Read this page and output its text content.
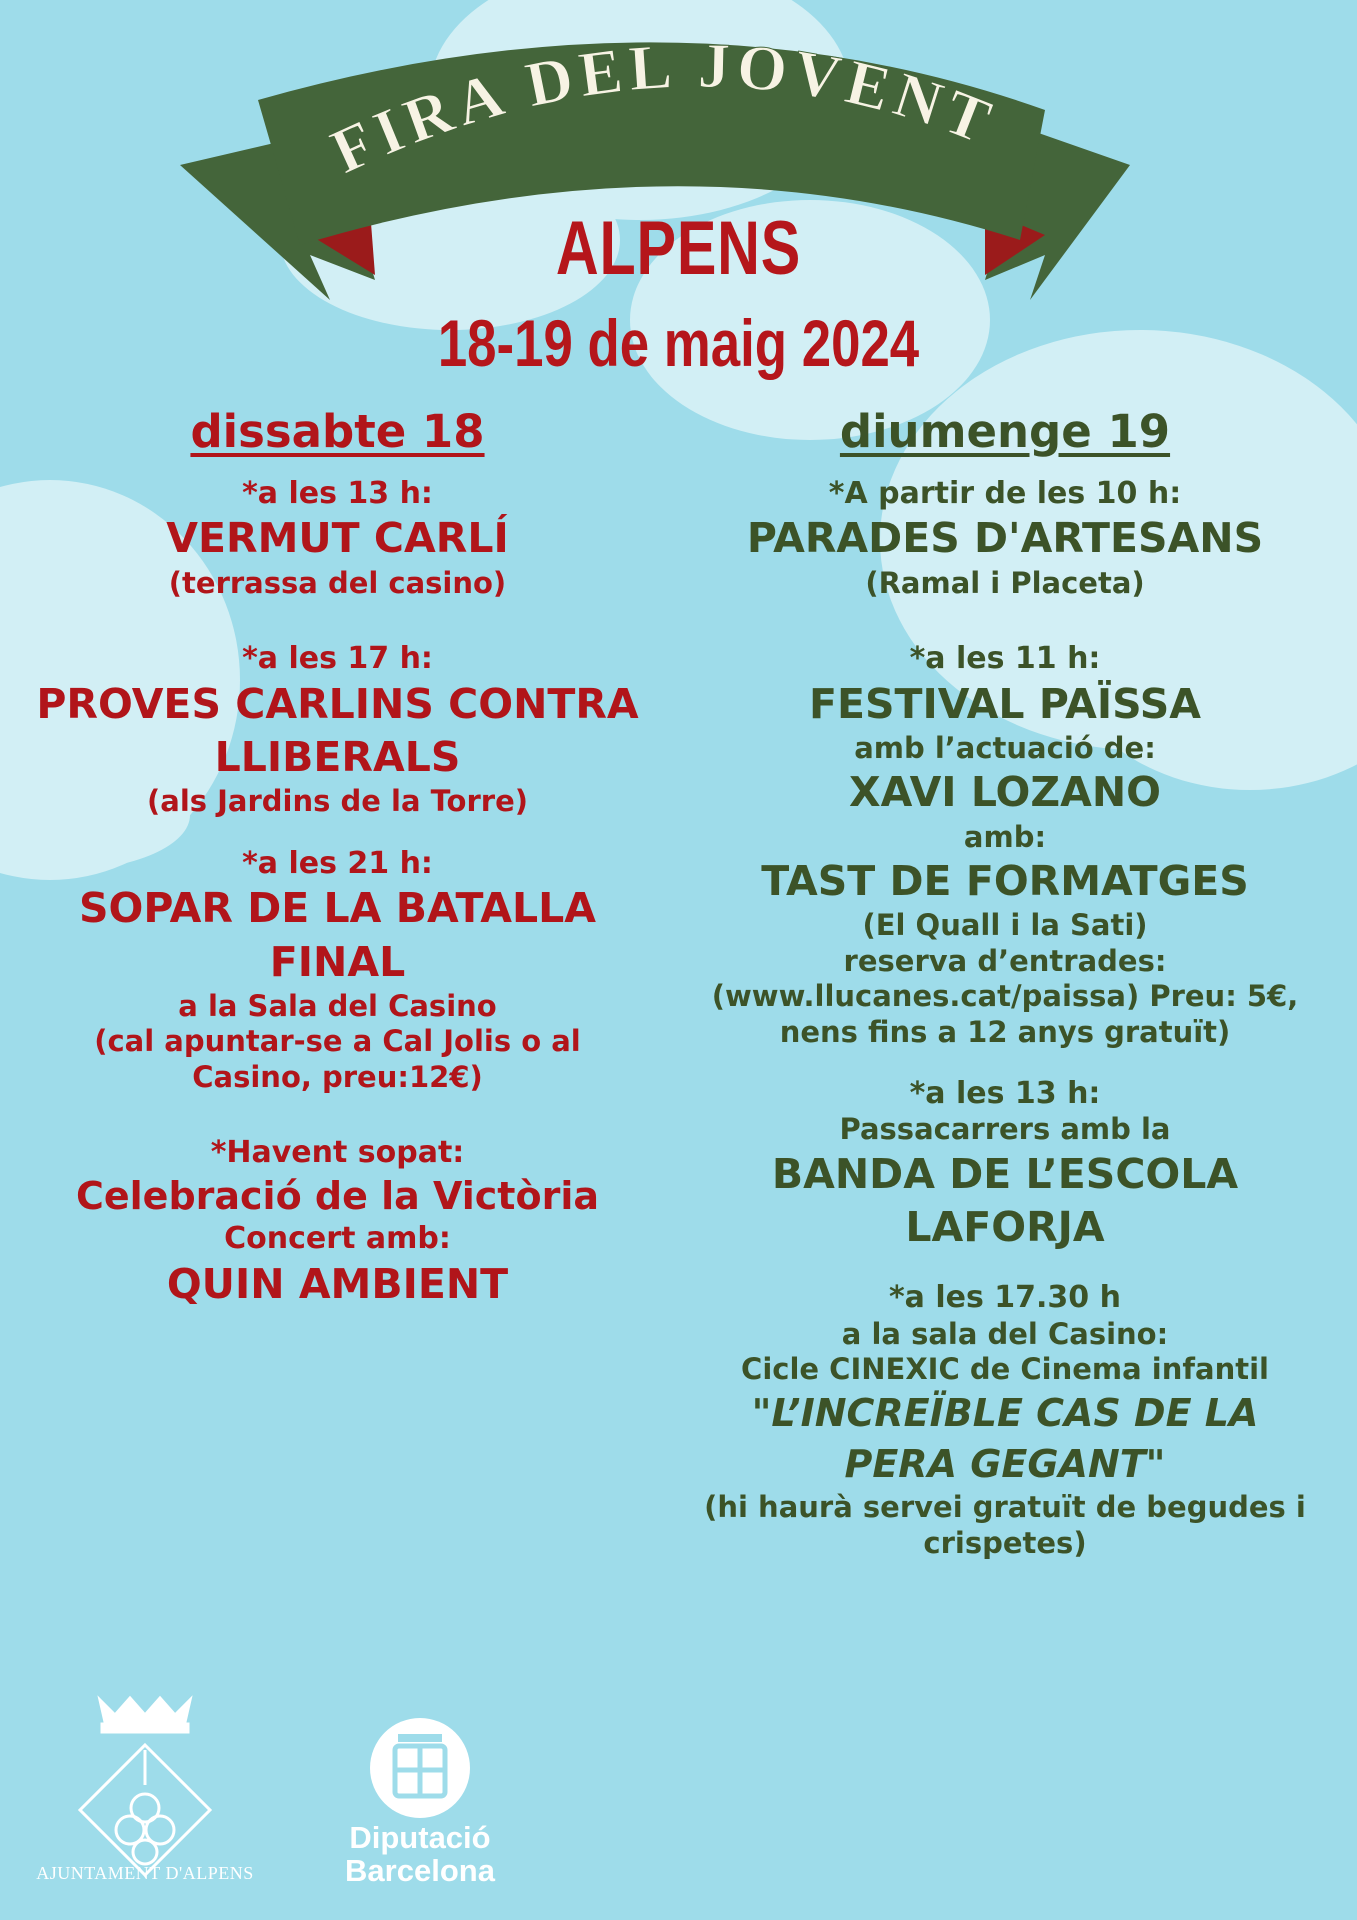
FIRA DEL JOVENT
ALPENS
18-19 de maig 2024
dissabte 18
*a les 13 h:
VERMUT CARLÍ
(terrassa del casino)
*a les 17 h:
PROVES CARLINS CONTRA
LLIBERALS
(als Jardins de la Torre)
*a les 21 h:
SOPAR DE LA BATALLA
FINAL
a la Sala del Casino
(cal apuntar-se a Cal Jolis o al
Casino, preu:12€)
*Havent sopat:
Celebració de la Victòria
Concert amb:
QUIN AMBIENT
diumenge 19
*A partir de les 10 h:
PARADES D'ARTESANS
(Ramal i Placeta)
*a les 11 h:
FESTIVAL PAÏSSA
amb l’actuació de:
XAVI LOZANO
amb:
TAST DE FORMATGES
(El Quall i la Sati)
reserva d’entrades:
(www.llucanes.cat/paissa) Preu: 5€,
nens fins a 12 anys gratuït)
*a les 13 h:
Passacarrers amb la
BANDA DE L’ESCOLA
LAFORJA
*a les 17.30 h
a la sala del Casino:
Cicle CINEXIC de Cinema infantil
"L’INCREÏBLE CAS DE LA
PERA GEGANT"
(hi haurà servei gratuït de begudes i
crispetes)
AJUNTAMENT D'ALPENS
Diputació
Barcelona
